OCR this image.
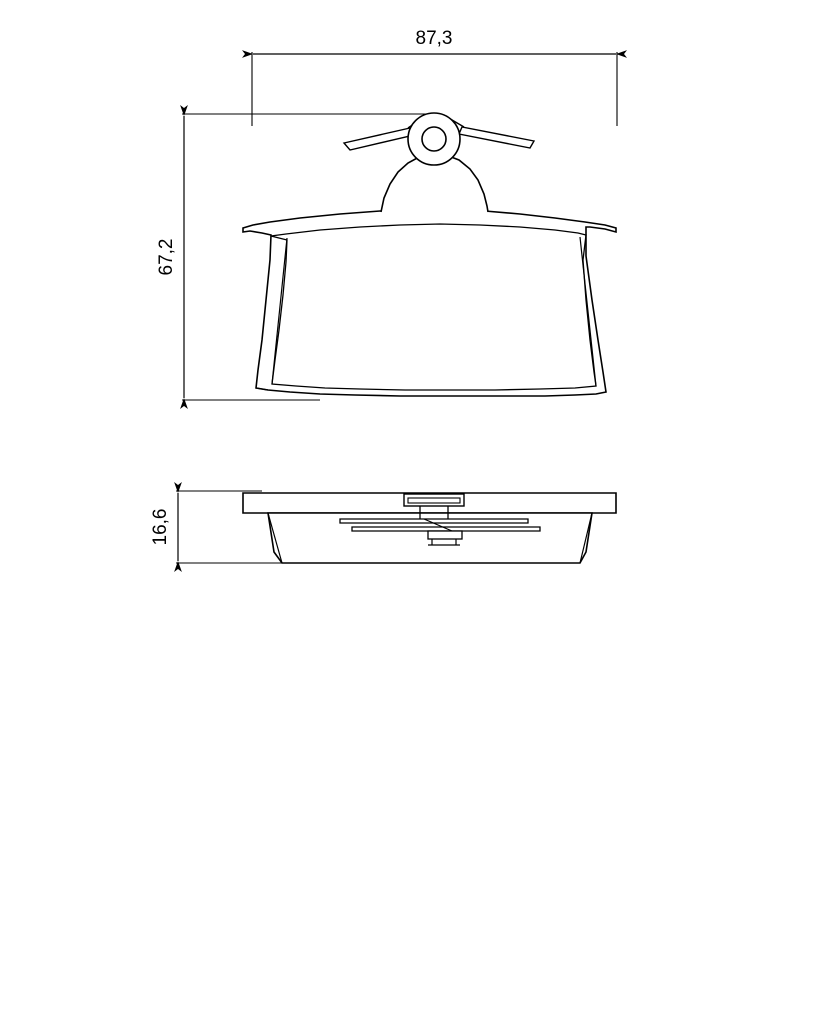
87,3
67,2
16,6
